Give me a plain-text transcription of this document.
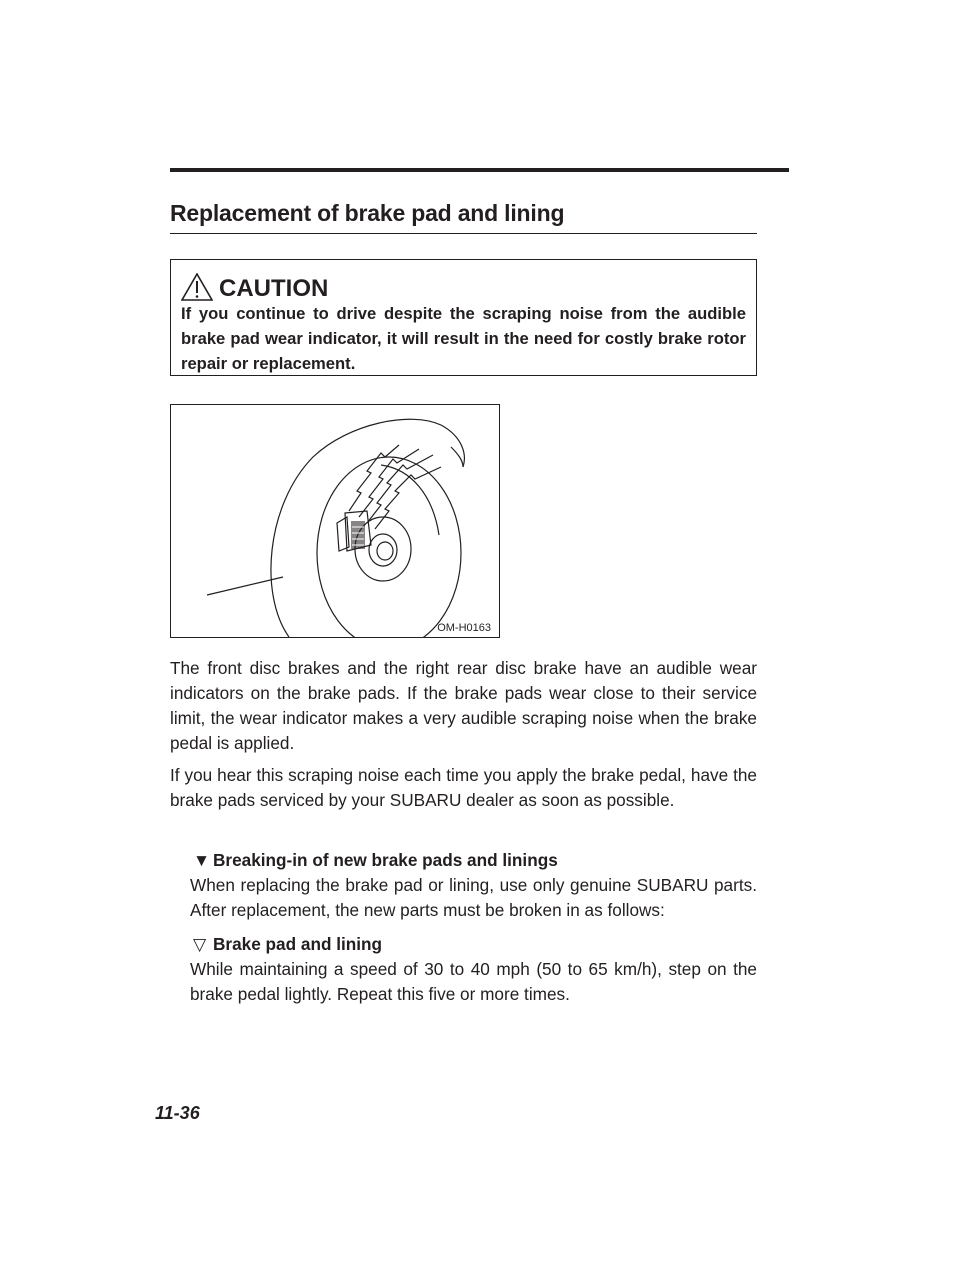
Replacement of brake pad and lining
CAUTION
If you continue to drive despite the scraping noise from the audible brake pad wear indicator, it will result in the need for costly brake rotor repair or replacement.
OM-H0163

The front disc brakes and the right rear disc brake have an audible wear indicators on the brake pads. If the brake pads wear close to their service limit, the wear indicator makes a very audible scraping noise when the brake pedal is applied.

If you hear this scraping noise each time you apply the brake pedal, have the brake pads serviced by your SUBARU dealer as soon as possible.

▼ Breaking-in of new brake pads and linings
When replacing the brake pad or lining, use only genuine SUBARU parts. After replacement, the new parts must be broken in as follows:
▽ Brake pad and lining
While maintaining a speed of 30 to 40 mph (50 to 65 km/h), step on the brake pedal lightly. Repeat this five or more times.
11-36
